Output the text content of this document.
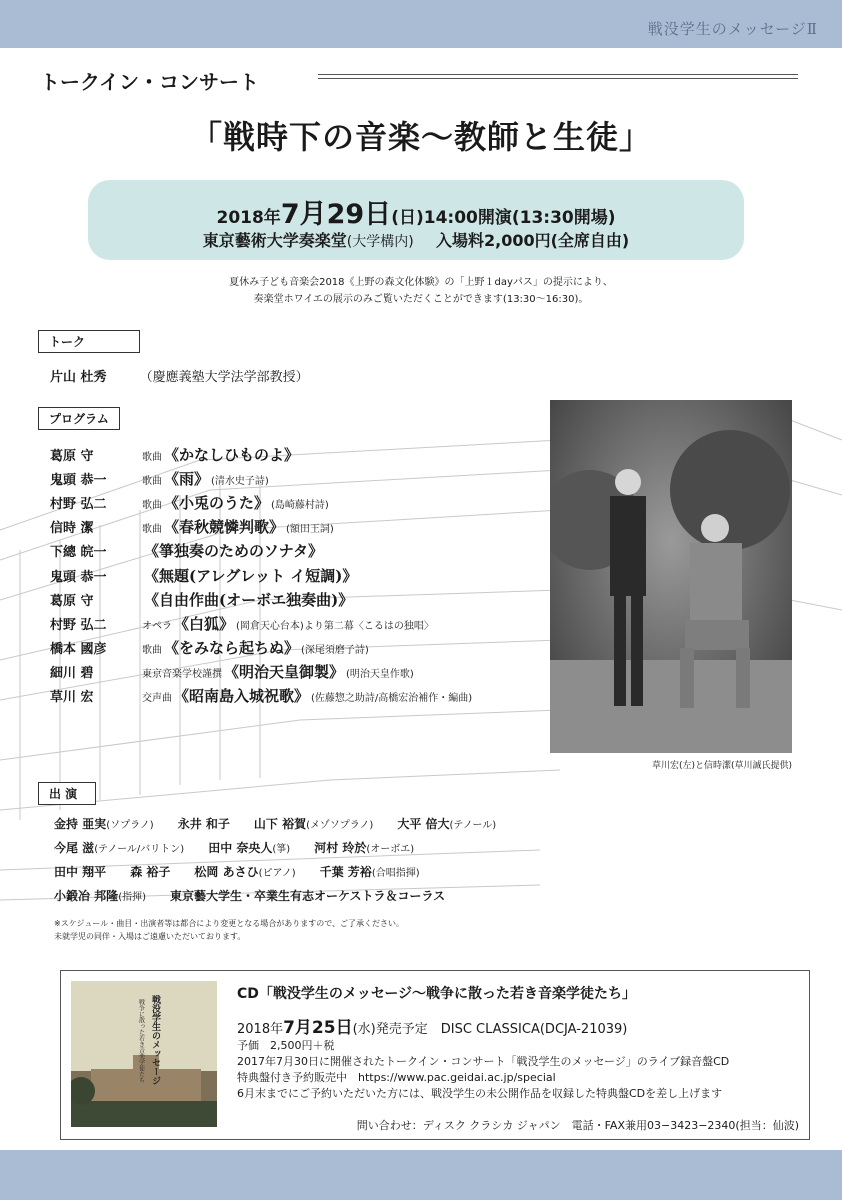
戦没学生のメッセージⅡ
トークイン・コンサート
「戦時下の音楽〜教師と生徒」
2018年7月29日(日)14:00開演(13:30開場)
東京藝術大学奏楽堂(大学構内) 入場料2,000円(全席自由)
夏休み子ども音楽会2018《上野の森文化体験》の「上野１dayパス」の提示により、
奏楽堂ホワイエの展示のみご覧いただくことができます(13:30〜16:30)。
トーク
片山 杜秀	（慶應義塾大学法学部教授）
プログラム
葛原 守	歌曲 《かなしひものよ》
鬼頭 恭一	歌曲 《雨》 (清水史子詩)
村野 弘二	歌曲 《小兎のうた》 (島崎藤村詩)
信時 潔	歌曲 《春秋競憐判歌》 (額田王詞)
下總 皖一	《箏独奏のためのソナタ》
鬼頭 恭一	《無題(アレグレット イ短調)》
葛原 守	《自由作曲(オーボエ独奏曲)》
村野 弘二	オペラ 《白狐》 (岡倉天心台本)より第二幕〈こるはの独唱〉
橋本 國彦	歌曲 《をみなら起ちぬ》 (深尾須磨子詩)
細川 碧	東京音楽学校謹撰 《明治天皇御製》 (明治天皇作歌)
草川 宏	交声曲 《昭南島入城祝歌》 (佐藤惣之助詩/高橋宏治補作・編曲)
草川宏(左)と信時潔(草川誠氏提供)
出 演
金持 亜実(ソプラノ)　　 永井 和子　　 山下 裕賀(メゾソプラノ)　　 大平 倍大(テノール)
今尾 滋(テノール/バリトン)　　 田中 奈央人(箏)　　 河村 玲於(オーボエ)
田中 翔平　　 森 裕子　　 松岡 あさひ(ピアノ)　　 千葉 芳裕(合唱指揮)
小鍛冶 邦隆(指揮)　　 東京藝大学生・卒業生有志オーケストラ＆コーラス
※スケジュール・曲目・出演者等は都合により変更となる場合がありますので、ご了承ください。
未就学児の同伴・入場はご遠慮いただいております。
戦没学生のメッセージ
戦争に散った若き音楽学徒たち
CD「戦没学生のメッセージ〜戦争に散った若き音楽学徒たち」
2018年7月25日(水)発売予定　DISC CLASSICA(DCJA-21039)
予価　2,500円＋税
2017年7月30日に開催されたトークイン・コンサート「戦没学生のメッセージ」のライブ録音盤CD
特典盤付き予約販売中　https://www.pac.geidai.ac.jp/special
6月末までにご予約いただいた方には、戦没学生の未公開作品を収録した特典盤CDを差し上げます
問い合わせ：ディスク クラシカ ジャパン　電話・FAX兼用03−3423−2340(担当：仙波)
